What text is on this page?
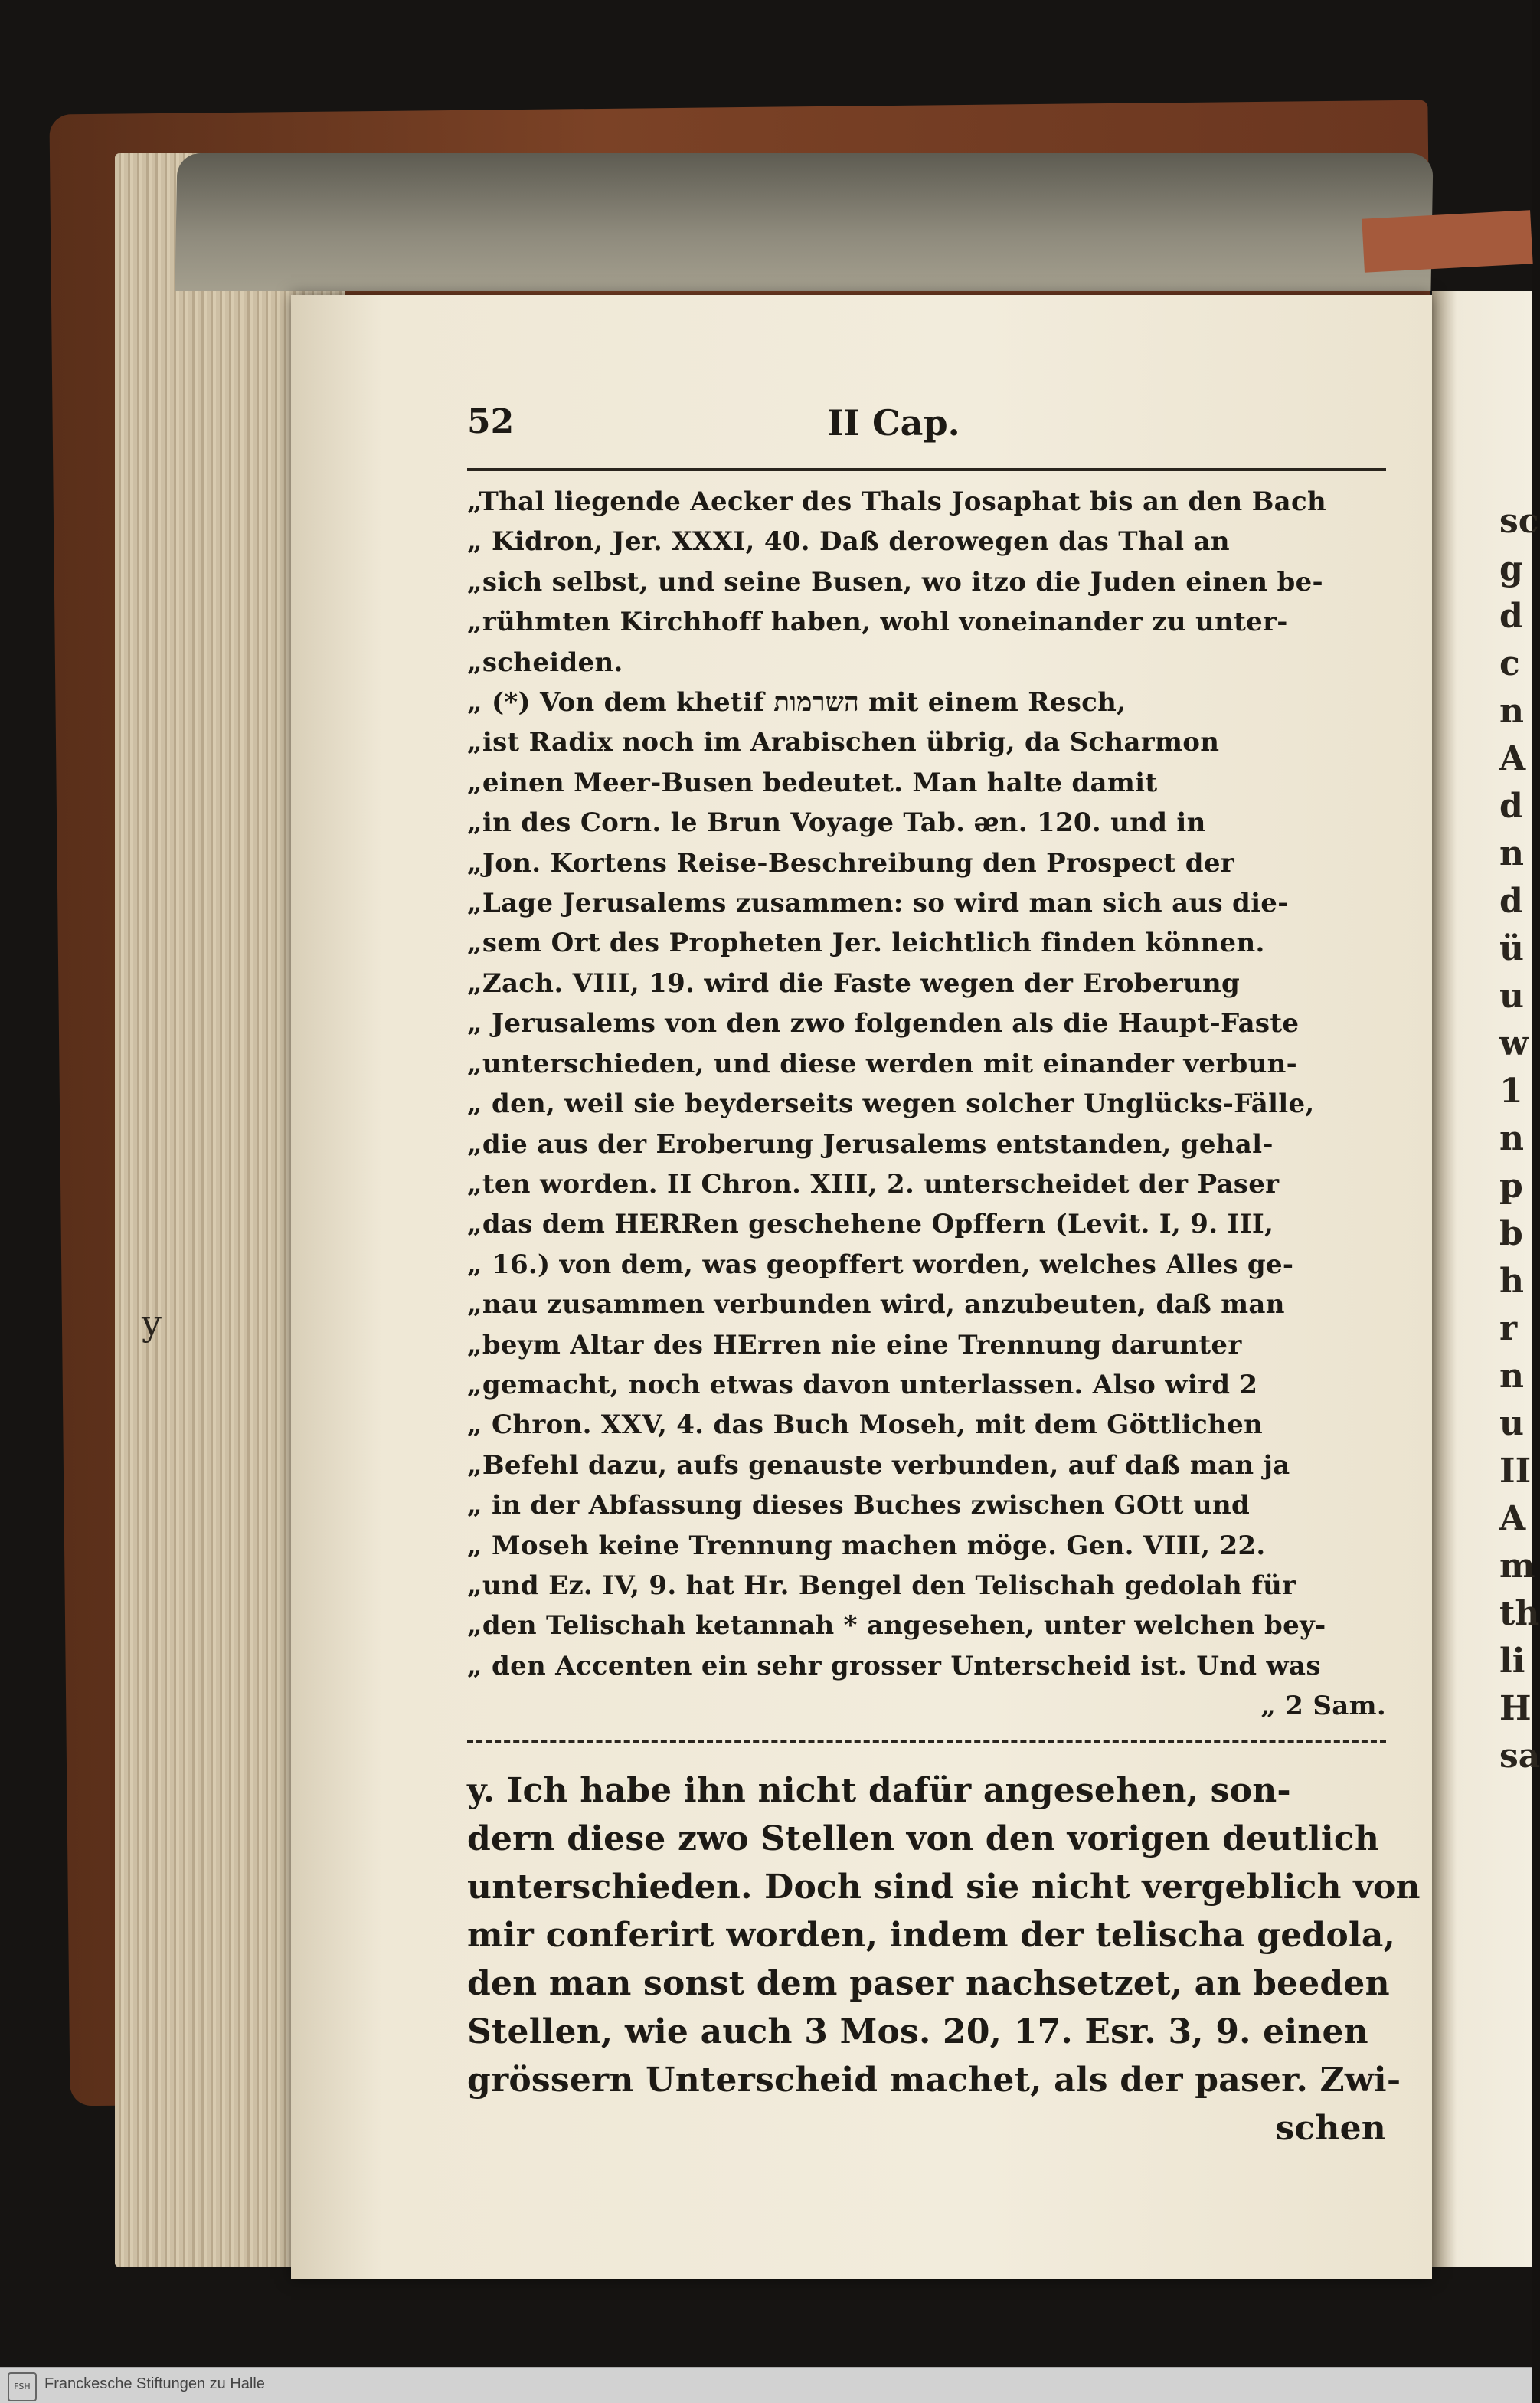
sc
g
d
c
n
A
d
n
d
ü
u
w
1
n
p
b
h
r
n
u
II
A
m
th
li
H
sa
52	II Cap.
„Thal liegende Aecker des Thals Josaphat bis an den Bach
„ Kidron, Jer. XXXI, 40. Daß derowegen das Thal an
„sich selbst, und seine Busen, wo itzo die Juden einen be-
„rühmten Kirchhoff haben, wohl voneinander zu unter-
„scheiden.
„ (*) Von dem khetif השרמות mit einem Resch,
„ist Radix noch im Arabischen übrig, da Scharmon
„einen Meer-Busen bedeutet. Man halte damit
„in des Corn. le Brun Voyage Tab. ᴂn. 120. und in
„Jon. Kortens Reise-Beschreibung den Prospect der
„Lage Jerusalems zusammen: so wird man sich aus die-
„sem Ort des Propheten Jer. leichtlich finden können.
„Zach. VIII, 19. wird die Faste wegen der Eroberung
„ Jerusalems von den zwo folgenden als die Haupt-Faste
„unterschieden, und diese werden mit einander verbun-
„ den, weil sie beyderseits wegen solcher Unglücks-Fälle,
„die aus der Eroberung Jerusalems entstanden, gehal-
„ten worden. II Chron. XIII, 2. unterscheidet der Paser
„das dem HERRen geschehene Opffern (Levit. I, 9. III,
„ 16.) von dem, was geopffert worden, welches Alles ge-
„nau zusammen verbunden wird, anzubeuten, daß man
„beym Altar des HErren nie eine Trennung darunter
„gemacht, noch etwas davon unterlassen. Also wird 2
„ Chron. XXV, 4. das Buch Moseh, mit dem Göttlichen
„Befehl dazu, aufs genauste verbunden, auf daß man ja
„ in der Abfassung dieses Buches zwischen GOtt und
„ Moseh keine Trennung machen möge. Gen. VIII, 22.
„und Ez. IV, 9. hat Hr. Bengel den Telischah gedolah für
„den Telischah ketannah * angesehen, unter welchen bey-
„ den Accenten ein sehr grosser Unterscheid ist. Und was
„ 2 Sam.
y. Ich habe ihn nicht dafür angesehen, son-
dern diese zwo Stellen von den vorigen deutlich
unterschieden. Doch sind sie nicht vergeblich von
mir conferirt worden, indem der telischa gedola,
den man sonst dem paser nachsetzet, an beeden
Stellen, wie auch 3 Mos. 20, 17. Esr. 3, 9. einen
grössern Unterscheid machet, als der paser. Zwi-
schen
y
FSH Franckesche Stiftungen zu Halle
